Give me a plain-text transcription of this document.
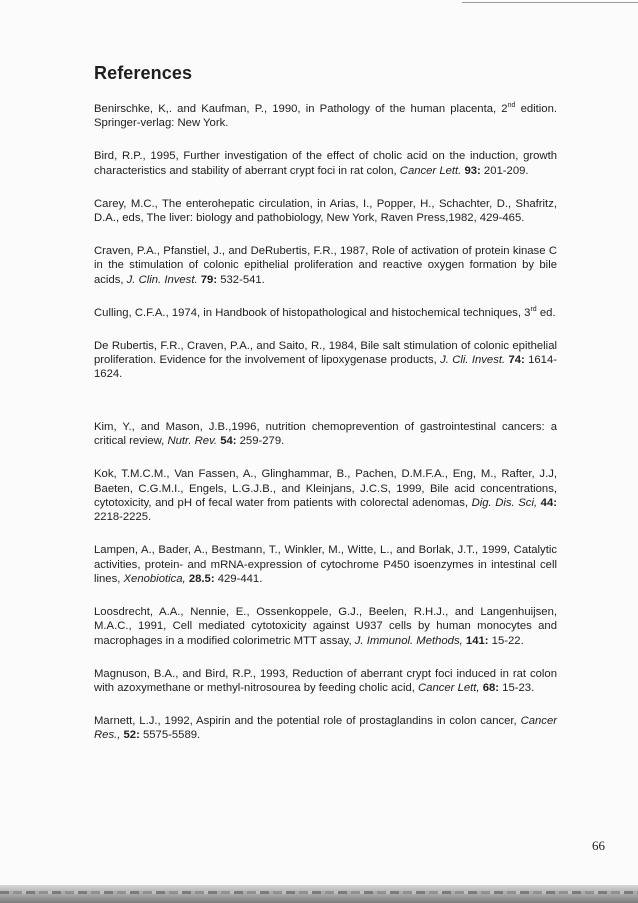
References
Benirschke, K,. and Kaufman, P., 1990, in Pathology of the human placenta, 2nd edition. Springer-verlag: New York.
Bird, R.P., 1995, Further investigation of the effect of cholic acid on the induction, growth characteristics and stability of aberrant crypt foci in rat colon, Cancer Lett. 93: 201-209.
Carey, M.C., The enterohepatic circulation, in Arias, I., Popper, H., Schachter, D., Shafritz, D.A., eds, The liver: biology and pathobiology, New York, Raven Press,1982, 429-465.
Craven, P.A., Pfanstiel, J., and DeRubertis, F.R., 1987, Role of activation of protein kinase C in the stimulation of colonic epithelial proliferation and reactive oxygen formation by bile acids, J. Clin. Invest. 79: 532-541.
Culling, C.F.A., 1974, in Handbook of histopathological and histochemical techniques, 3rd ed.
De Rubertis, F.R., Craven, P.A., and Saito, R., 1984, Bile salt stimulation of colonic epithelial proliferation. Evidence for the involvement of lipoxygenase products, J. Cli. Invest. 74: 1614-1624.
Kim, Y., and Mason, J.B.,1996, nutrition chemoprevention of gastrointestinal cancers: a critical review, Nutr. Rev. 54: 259-279.
Kok, T.M.C.M., Van Fassen, A., Glinghammar, B., Pachen, D.M.F.A., Eng, M., Rafter, J.J, Baeten, C.G.M.I., Engels, L.G.J.B., and Kleinjans, J.C.S, 1999, Bile acid concentrations, cytotoxicity, and pH of fecal water from patients with colorectal adenomas, Dig. Dis. Sci, 44: 2218-2225.
Lampen, A., Bader, A., Bestmann, T., Winkler, M., Witte, L., and Borlak, J.T., 1999, Catalytic activities, protein- and mRNA-expression of cytochrome P450 isoenzymes in intestinal cell lines, Xenobiotica, 28.5: 429-441.
Loosdrecht, A.A., Nennie, E., Ossenkoppele, G.J., Beelen, R.H.J., and Langenhuijsen, M.A.C., 1991, Cell mediated cytotoxicity against U937 cells by human monocytes and macrophages in a modified colorimetric MTT assay, J. Immunol. Methods, 141: 15-22.
Magnuson, B.A., and Bird, R.P., 1993, Reduction of aberrant crypt foci induced in rat colon with azoxymethane or methyl-nitrosourea by feeding cholic acid, Cancer Lett, 68: 15-23.
Marnett, L.J., 1992, Aspirin and the potential role of prostaglandins in colon cancer, Cancer Res., 52: 5575-5589.
66
